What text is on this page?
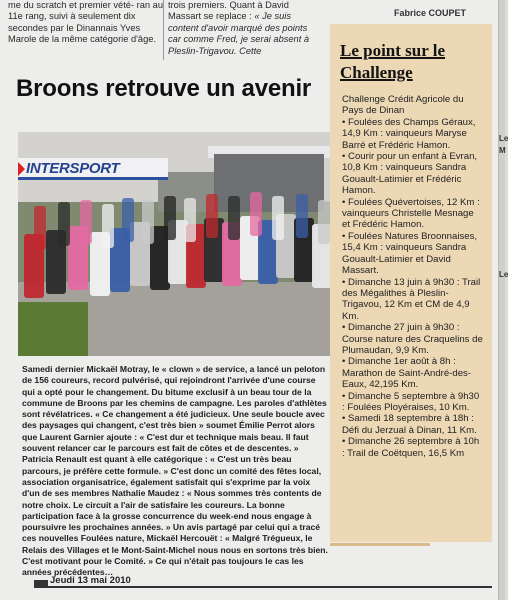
me du scratch et premier vété- ran au 11e rang, suivi à seulement dix secondes par le Dinannais Yves Marole de la même catégorie d'âge.
trois premiers. Quant à David Massart se replace : « Je suis content d'avoir marqué des points car comme Fred, je serai absent à Pleslin-Trigavou. Cette
Fabrice COUPET
Broons retrouve un avenir
INTERSPORT
Samedi dernier Mickaël Motray, le « clown » de service, a lancé un peloton de 156 coureurs, record pulvérisé, qui rejoindront l'arrivée d'une course qui a opté pour le changement. Du bitume exclusif à un beau tour de la commune de Broons par les chemins de campagne. Les paroles d'athlètes sont révélatrices. « Ce changement a été judicieux. Une seule boucle avec des paysages qui changent, c'est très bien » soumet Émilie Perrot alors que Laurent Garnier ajoute : « C'est dur et technique mais beau. Il faut souvent relancer car le parcours est fait de côtes et de descentes. » Patricia Renault est quant à elle catégorique : « C'est un très beau parcours, je préfère cette formule. » C'est donc un comité des fêtes local, association organisatrice, également satisfait qui s'exprime par la voix d'un de ses membres Nathalie Maudez : « Nous sommes très contents de notre choix. Le circuit a l'air de satisfaire les coureurs. La bonne participation face à la grosse concurrence du week-end nous engage à poursuivre les prochaines années. » Un avis partagé par celui qui a tracé ces nouvelles Foulées nature, Mickaël Hercouët : « Malgré Trégueux, le Relais des Villages et le Mont-Saint-Michel nous nous en sortons très bien. C'est motivant pour le Comité. » Ce qui n'était pas toujours le cas les années précédentes…
Le point sur le Challenge

Challenge Crédit Agricole du Pays de Dinan

• Foulées des Champs Géraux, 14,9 Km : vainqueurs Maryse Barré et Frédéric Hamon.

• Courir pour un enfant à Evran, 10,8 Km : vainqueurs Sandra Gouault-Latimier et Frédéric Hamon.

• Foulées Quévertoises, 12 Km : vainqueurs Christelle Mesnage et Frédéric Hamon.

• Foulées Natures Broonnaises, 15,4 Km : vainqueurs Sandra Gouault-Latimier et David Massart.

• Dimanche 13 juin à 9h30 : Trail des Mégalithes à Pleslin-Trigavou, 12 Km et CM de 4,9 Km.

• Dimanche 27 juin à 9h30 : Course nature des Craquelins de Plumaudan, 9,9 Km.

• Dimanche 1er août à 8h : Marathon de Saint-André-des-Eaux, 42,195 Km.

• Dimanche 5 septembre à 9h30 : Foulées Ployéraises, 10 Km.

• Samedi 18 septembre à 18h : Défi du Jerzual à Dinan, 11 Km.

• Dimanche 26 septembre à 10h : Trail de Coëtquen, 16,5 Km

Jeudi 13 mai 2010
Le
M
Le
